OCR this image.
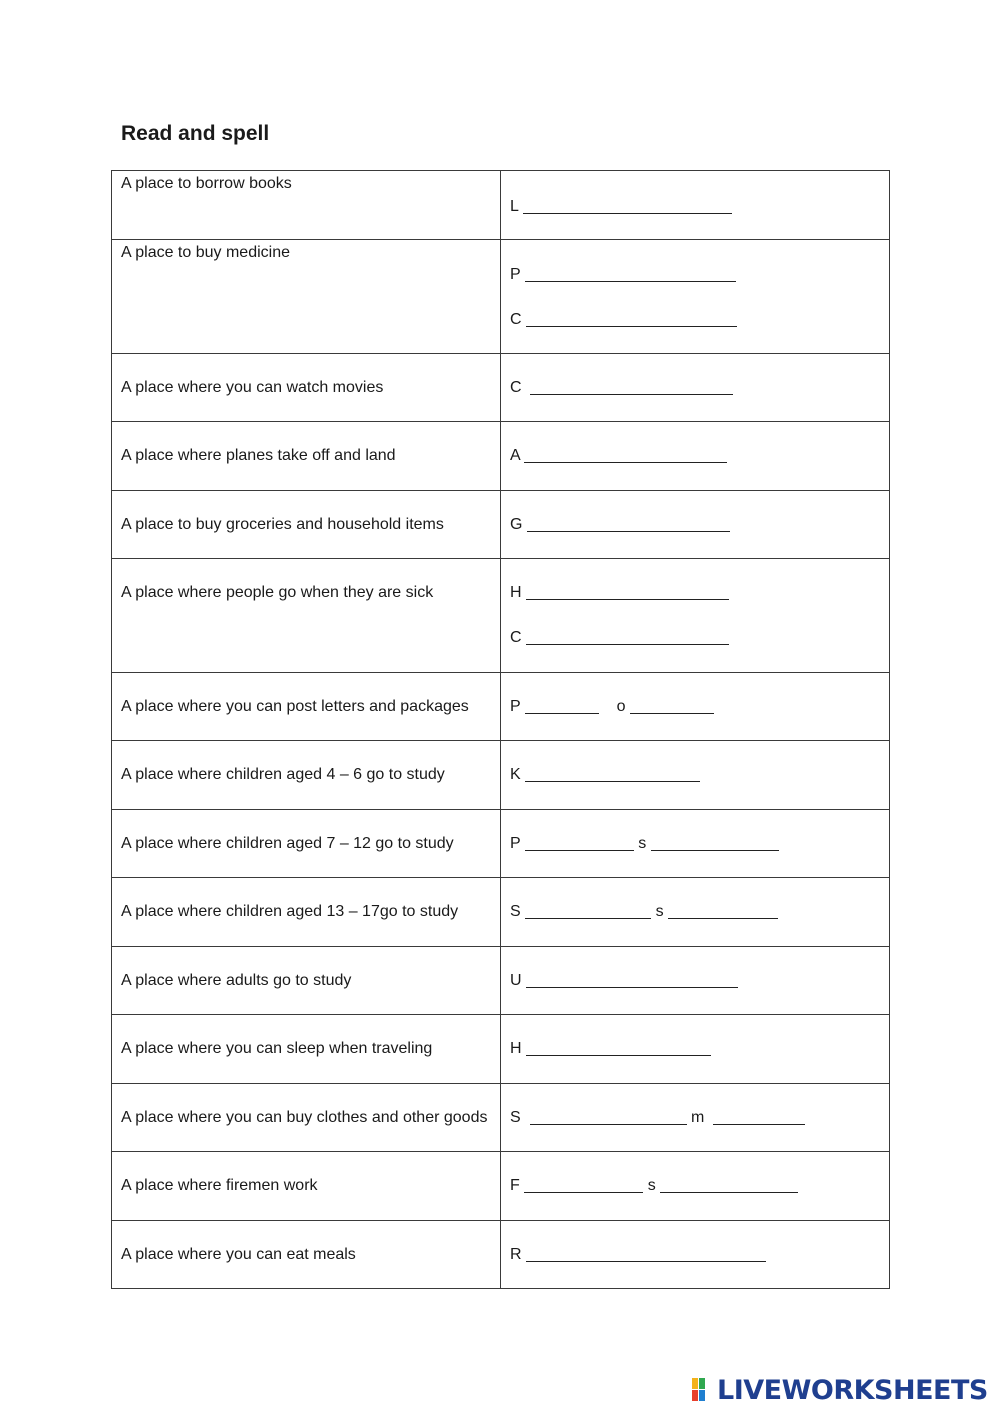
Read and spell
A place to borrow books	L

A place to buy medicine	P
C

A place where you can watch movies	C

A place where planes take off and land	A

A place to buy groceries and household items	G

A place where people go when they are sick	H
C

A place where you can post letters and packages	P o

A place where children aged 4 – 6 go to study	K

A place where children aged 7 – 12 go to study	P s

A place where children aged 13 – 17go to study	S s

A place where adults go to study	U

A place where you can sleep when traveling	H

A place where you can buy clothes and other goods	S m

A place where firemen work	F s

A place where you can eat meals	R
LIVEWORKSHEETS
